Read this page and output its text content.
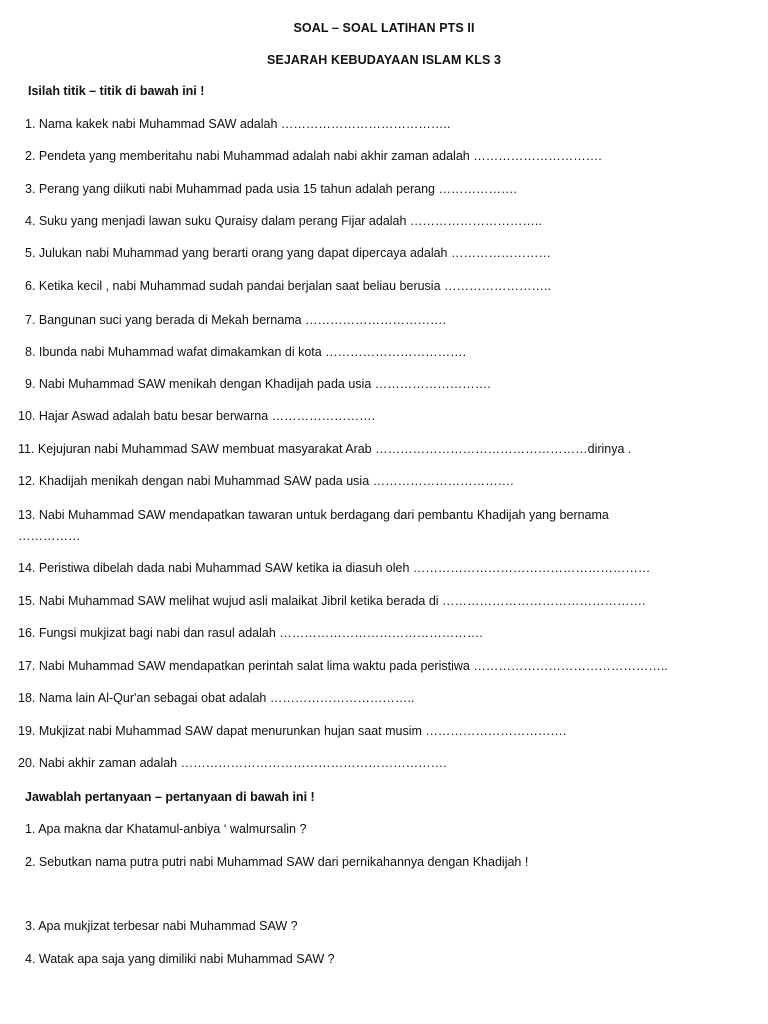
SOAL – SOAL LATIHAN PTS II
SEJARAH KEBUDAYAAN ISLAM KLS 3
Isilah titik – titik di bawah ini !
1. Nama kakek nabi Muhammad SAW adalah …………………………………..
2. Pendeta yang memberitahu nabi Muhammad adalah nabi akhir zaman adalah ………………………….
3. Perang yang diikuti nabi Muhammad pada usia 15 tahun adalah perang ……………….
4. Suku yang menjadi lawan suku Quraisy dalam perang Fijar adalah …………………………..
5. Julukan nabi Muhammad yang berarti orang yang dapat dipercaya adalah ……………………
6. Ketika kecil , nabi Muhammad sudah pandai berjalan saat beliau berusia ……………………..
7. Bangunan suci yang berada di Mekah bernama …………………………….
8. Ibunda nabi Muhammad wafat dimakamkan di kota …………………………….
9. Nabi Muhammad SAW menikah dengan Khadijah pada usia ……………………….
10. Hajar Aswad adalah batu besar berwarna …………………….
11. Kejujuran nabi Muhammad SAW membuat masyarakat Arab ……………………………………………dirinya .
12. Khadijah menikah dengan nabi Muhammad SAW pada usia …………………………….
13. Nabi Muhammad SAW mendapatkan tawaran untuk berdagang dari pembantu Khadijah yang bernama
……………
14. Peristiwa dibelah dada nabi Muhammad SAW ketika ia diasuh oleh …………………………………………………
15. Nabi Muhammad SAW melihat wujud asli malaikat Jibril ketika berada di ………………………………………….
16. Fungsi mukjizat bagi nabi dan rasul adalah ………………………………………….
17. Nabi Muhammad SAW mendapatkan perintah salat lima waktu pada peristiwa ………………………………………..
18. Nama lain Al-Qur'an sebagai obat adalah ……………………………..
19. Mukjizat nabi Muhammad SAW dapat menurunkan hujan saat musim …………………………….
20. Nabi akhir zaman adalah ……………………………………………………….
Jawablah pertanyaan – pertanyaan di bawah ini !
1. Apa makna dar Khatamul-anbiya ‘ walmursalin ?
2. Sebutkan nama putra putri nabi Muhammad SAW dari pernikahannya dengan Khadijah !
3. Apa mukjizat terbesar nabi Muhammad SAW ?
4. Watak apa saja yang dimiliki nabi Muhammad SAW ?
